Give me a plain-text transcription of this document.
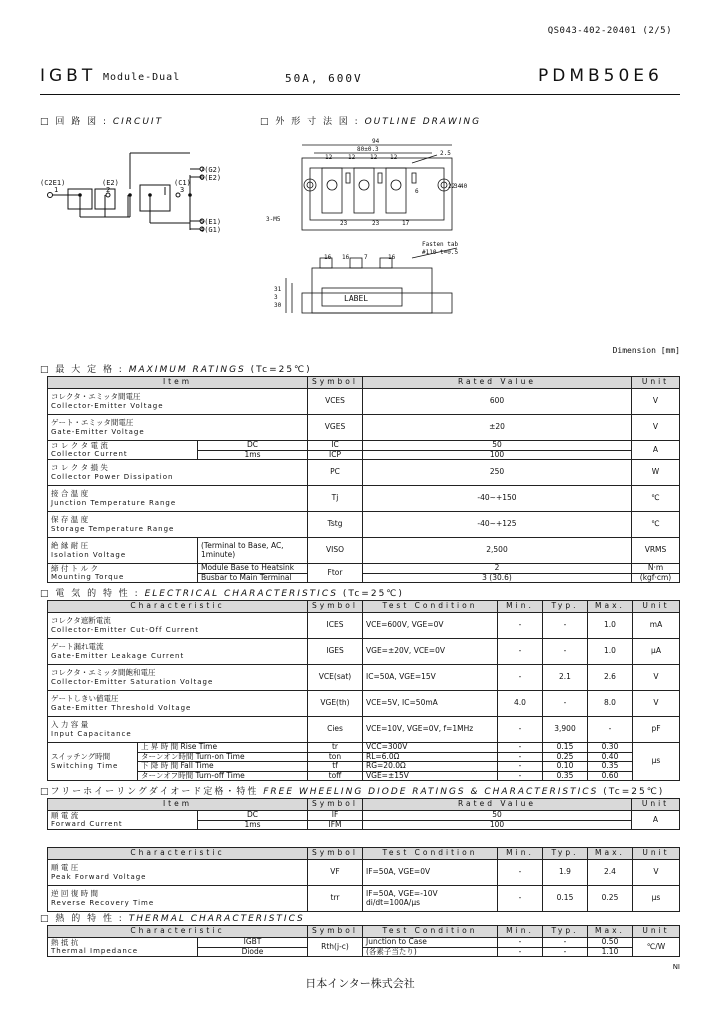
QS043-402-20401 (2/5)
IGBT Module-Dual	50A, 600V	PDMB50E6
□ 回 路 図 : CIRCUIT
(C2E1)
1
(E2)
2
(C1)
3
7(G2)
6(E2)
5(E1)
4(G1)
□ 外 形 寸 法 図 : OUTLINE DRAWING
94
80±0.3
12	12 12 12
23	23	17
6
2.5
3-M5
16 16 7	16
31
3
22
34
40
30
LABEL
Fasten tab
#110 t=0.5
Dimension [mm]
□ 最 大 定 格 : MAXIMUM RATINGS (Tc=25℃)
Item		Symbol	Rated Value	Unit

コレクタ・エミッタ間電圧
Collector-Emitter Voltage		VCES	600	V

ゲート・エミッタ間電圧
Gate-Emitter Voltage		VGES	±20	V

コ レ ク タ 電 流
Collector Current	DC	IC	50	A
	1ms	ICP	100	

コ レ ク タ 損 失
Collector Power Dissipation		PC	250	W

接 合 温 度
Junction Temperature Range		Tj	-40~+150	℃

保 存 温 度
Storage Temperature Range		Tstg	-40~+125	℃

絶 縁 耐 圧
Isolation Voltage	(Terminal to Base, AC, 1minute)	VISO	2,500	VRMS

締 付 ト ル ク
Mounting Torque	Module Base to Heatsink	Ftor	2	N·m
	Busbar to Main Terminal		3 (30.6)	(kgf·cm)
□ 電 気 的 特 性 : ELECTRICAL CHARACTERISTICS (Tc=25℃)
Characteristic		Symbol	Test Condition	Min.	Typ.	Max.	Unit

コレクタ遮断電流
Collector-Emitter Cut-Off Current		ICES	VCE=600V, VGE=0V	-	-	1.0	mA

ゲート漏れ電流
Gate-Emitter Leakage Current		IGES	VGE=±20V, VCE=0V	-	-	1.0	μA

コレクタ・エミッタ間飽和電圧
Collector-Emitter Saturation Voltage		VCE(sat)	IC=50A, VGE=15V	-	2.1	2.6	V

ゲートしきい値電圧
Gate-Emitter Threshold Voltage		VGE(th)	VCE=5V, IC=50mA	4.0	-	8.0	V

入 力 容 量
Input Capacitance		Cies	VCE=10V, VGE=0V, f=1MHz	-	3,900	-	pF

スイッチング時間
Switching Time	上 昇 時 間 Rise Time	tr	VCC=300V	-	0.15	0.30	μs
	ターンオン時間 Turn-on Time	ton	RL=6.0Ω	-	0.25	0.40	
	下 降 時 間 Fall Time	tf	RG=20.0Ω	-	0.10	0.35	
	ターンオフ時間 Turn-off Time	toff	VGE=±15V	-	0.35	0.60	
□フリーホイーリングダイオード定格・特性 FREE WHEELING DIODE RATINGS & CHARACTERISTICS (Tc=25℃)
Item		Symbol	Rated Value	Unit

順 電 流
Forward Current	DC	IF	50	A
	1ms	IFM	100	
Characteristic	Symbol	Test Condition	Min.	Typ.	Max.	Unit

順 電 圧
Peak Forward Voltage	VF	IF=50A, VGE=0V	-	1.9	2.4	V

逆 回 復 時 間
Reverse Recovery Time	trr	IF=50A, VGE=-10V
di/dt=100A/μs	-	0.15	0.25	μs
□ 熱 的 特 性 : THERMAL CHARACTERISTICS
Characteristic		Symbol	Test Condition	Min.	Typ.	Max.	Unit

熱 抵 抗
Thermal Impedance	IGBT	Rth(j-c)	Junction to Case	-	-	0.50	℃/W
	Diode		(各素子当たり)	-	-	1.10	
NI
日本インター株式会社
